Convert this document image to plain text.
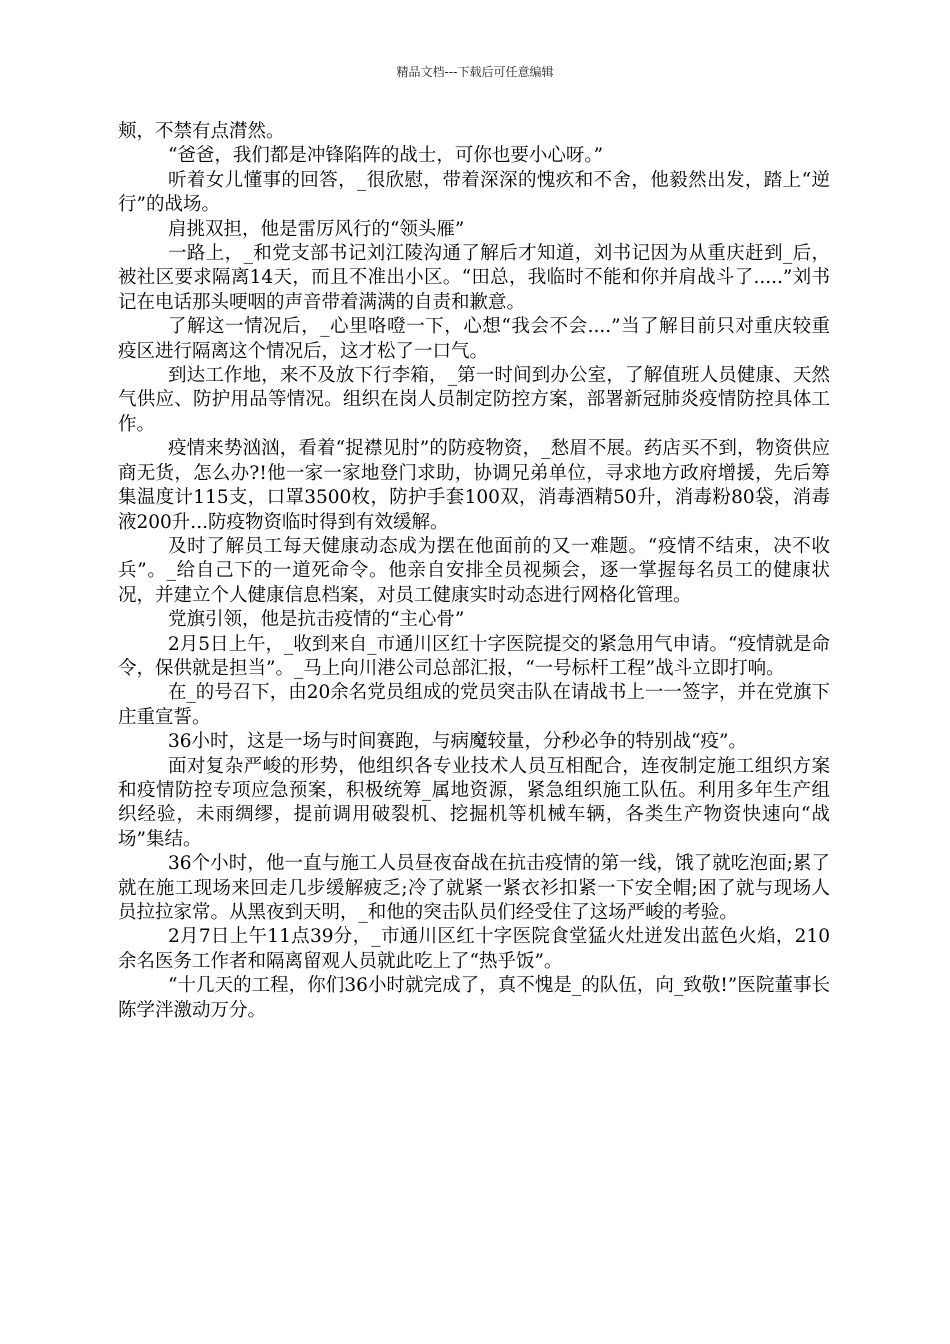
精品文档---下载后可任意编辑

颊，不禁有点潸然。

“爸爸，我们都是冲锋陷阵的战士，可你也要小心呀。”

听着女儿懂事的回答，_很欣慰，带着深深的愧疚和不舍，他毅然出发，踏上“逆行”的战场。

肩挑双担，他是雷厉风行的“领头雁”

一路上，_和党支部书记刘江陵沟通了解后才知道，刘书记因为从重庆赶到_后，被社区要求隔离14天，而且不准出小区。“田总，我临时不能和你并肩战斗了.....”刘书记在电话那头哽咽的声音带着满满的自责和歉意。

了解这一情况后，_心里咯噔一下，心想“我会不会....”当了解目前只对重庆较重疫区进行隔离这个情况后，这才松了一口气。

到达工作地，来不及放下行李箱，_第一时间到办公室，了解值班人员健康、天然气供应、防护用品等情况。组织在岗人员制定防控方案，部署新冠肺炎疫情防控具体工作。

疫情来势汹汹，看着“捉襟见肘”的防疫物资，_愁眉不展。药店买不到，物资供应商无货，怎么办?!他一家一家地登门求助，协调兄弟单位，寻求地方政府增援，先后筹集温度计115支，口罩3500枚，防护手套100双，消毒酒精50升，消毒粉80袋，消毒液200升...防疫物资临时得到有效缓解。

及时了解员工每天健康动态成为摆在他面前的又一难题。“疫情不结束，决不收兵”。_给自己下的一道死命令。他亲自安排全员视频会，逐一掌握每名员工的健康状况，并建立个人健康信息档案，对员工健康实时动态进行网格化管理。

党旗引领，他是抗击疫情的“主心骨”

2月5日上午，_收到来自_市通川区红十字医院提交的紧急用气申请。“疫情就是命令，保供就是担当”。_马上向川港公司总部汇报，“一号标杆工程”战斗立即打响。

在_的号召下，由20余名党员组成的党员突击队在请战书上一一签字，并在党旗下庄重宣誓。

36小时，这是一场与时间赛跑，与病魔较量，分秒必争的特别战“疫”。

面对复杂严峻的形势，他组织各专业技术人员互相配合，连夜制定施工组织方案和疫情防控专项应急预案，积极统筹_属地资源，紧急组织施工队伍。利用多年生产组织经验，未雨绸缪，提前调用破裂机、挖掘机等机械车辆，各类生产物资快速向“战场”集结。

36个小时，他一直与施工人员昼夜奋战在抗击疫情的第一线，饿了就吃泡面;累了就在施工现场来回走几步缓解疲乏;冷了就紧一紧衣衫扣紧一下安全帽;困了就与现场人员拉拉家常。从黑夜到天明，_和他的突击队员们经受住了这场严峻的考验。

2月7日上午11点39分，_市通川区红十字医院食堂猛火灶迸发出蓝色火焰，210余名医务工作者和隔离留观人员就此吃上了“热乎饭”。

“十几天的工程，你们36小时就完成了，真不愧是_的队伍，向_致敬!”医院董事长陈学泮激动万分。
